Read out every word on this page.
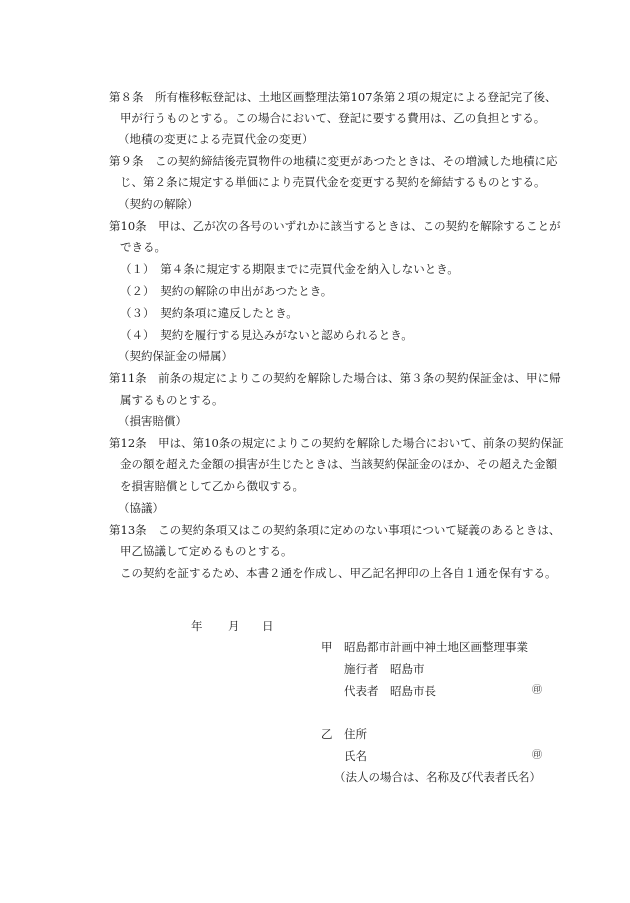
第８条　所有権移転登記は、土地区画整理法第107条第２項の規定による登記完了後、
甲が行うものとする。この場合において、登記に要する費用は、乙の負担とする。
（地積の変更による売買代金の変更）
第９条　この契約締結後売買物件の地積に変更があつたときは、その増減した地積に応
じ、第２条に規定する単価により売買代金を変更する契約を締結するものとする。
（契約の解除）
第10条　甲は、乙が次の各号のいずれかに該当するときは、この契約を解除することが
できる。
（１）　第４条に規定する期限までに売買代金を納入しないとき。
（２）　契約の解除の申出があつたとき。
（３）　契約条項に違反したとき。
（４）　契約を履行する見込みがないと認められるとき。
（契約保証金の帰属）
第11条　前条の規定によりこの契約を解除した場合は、第３条の契約保証金は、甲に帰
属するものとする。
（損害賠償）
第12条　甲は、第10条の規定によりこの契約を解除した場合において、前条の契約保証
金の額を超えた金額の損害が生じたときは、当該契約保証金のほか、その超えた金額
を損害賠償として乙から徴収する。
（協議）
第13条　この契約条項又はこの契約条項に定めのない事項について疑義のあるときは、
甲乙協議して定めるものとする。
この契約を証するため、本書２通を作成し、甲乙記名押印の上各自１通を保有する。
年 月 日
甲 昭島都市計画中神土地区画整理事業
施行者　昭島市
代表者　昭島市長	㊞
乙 住所
氏名	㊞
（法人の場合は、名称及び代表者氏名）
